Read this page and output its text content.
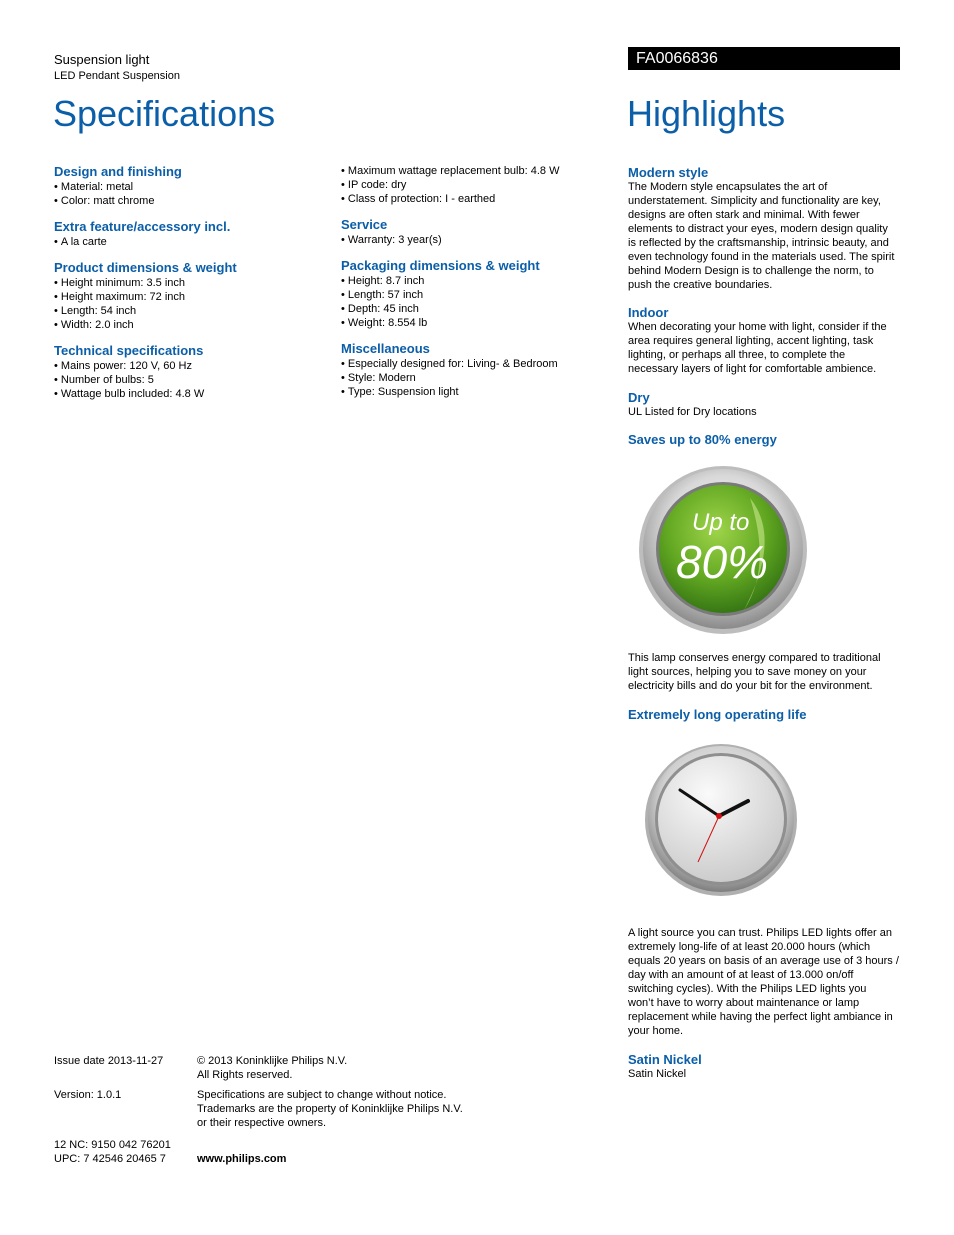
Suspension light
LED Pendant Suspension
FA0066836
Specifications	Highlights
Design and finishing
• Material: metal
• Color: matt chrome
Extra feature/accessory incl.
• A la carte
Product dimensions & weight
• Height minimum: 3.5 inch
• Height maximum: 72 inch
• Length: 54 inch
• Width: 2.0 inch
Technical specifications
• Mains power: 120 V, 60 Hz
• Number of bulbs: 5
• Wattage bulb included: 4.8 W
• Maximum wattage replacement bulb: 4.8 W
• IP code: dry
• Class of protection: I - earthed
Service
• Warranty: 3 year(s)
Packaging dimensions & weight
• Height: 8.7 inch
• Length: 57 inch
• Depth: 45 inch
• Weight: 8.554 lb
Miscellaneous
• Especially designed for: Living- & Bedroom
• Style: Modern
• Type: Suspension light
Modern style
The Modern style encapsulates the art of
understatement. Simplicity and functionality are key,
designs are often stark and minimal. With fewer
elements to distract your eyes, modern design quality
is reflected by the craftsmanship, intrinsic beauty, and
even technology found in the materials used. The spirit
behind Modern Design is to challenge the norm, to
push the creative boundaries.
Indoor
When decorating your home with light, consider if the
area requires general lighting, accent lighting, task
lighting, or perhaps all three, to complete the
necessary layers of light for comfortable ambience.
Dry
UL Listed for Dry locations
Saves up to 80% energy
Up to
80%
This lamp conserves energy compared to traditional
light sources, helping you to save money on your
electricity bills and do your bit for the environment.
Extremely long operating life
A light source you can trust. Philips LED lights offer an
extremely long-life of at least 20.000 hours (which
equals 20 years on basis of an average use of 3 hours /
day with an amount of at least of 13.000 on/off
switching cycles). With the Philips LED lights you
won’t have to worry about maintenance or lamp
replacement while having the perfect light ambiance in
your home.
Satin Nickel
Satin Nickel
Issue date 2013-11-27
Version: 1.0.1
12 NC: 9150 042 76201
UPC: 7 42546 20465 7
© 2013 Koninklijke Philips N.V.
All Rights reserved.
Specifications are subject to change without notice.
Trademarks are the property of Koninklijke Philips N.V.
or their respective owners.
www.philips.com
